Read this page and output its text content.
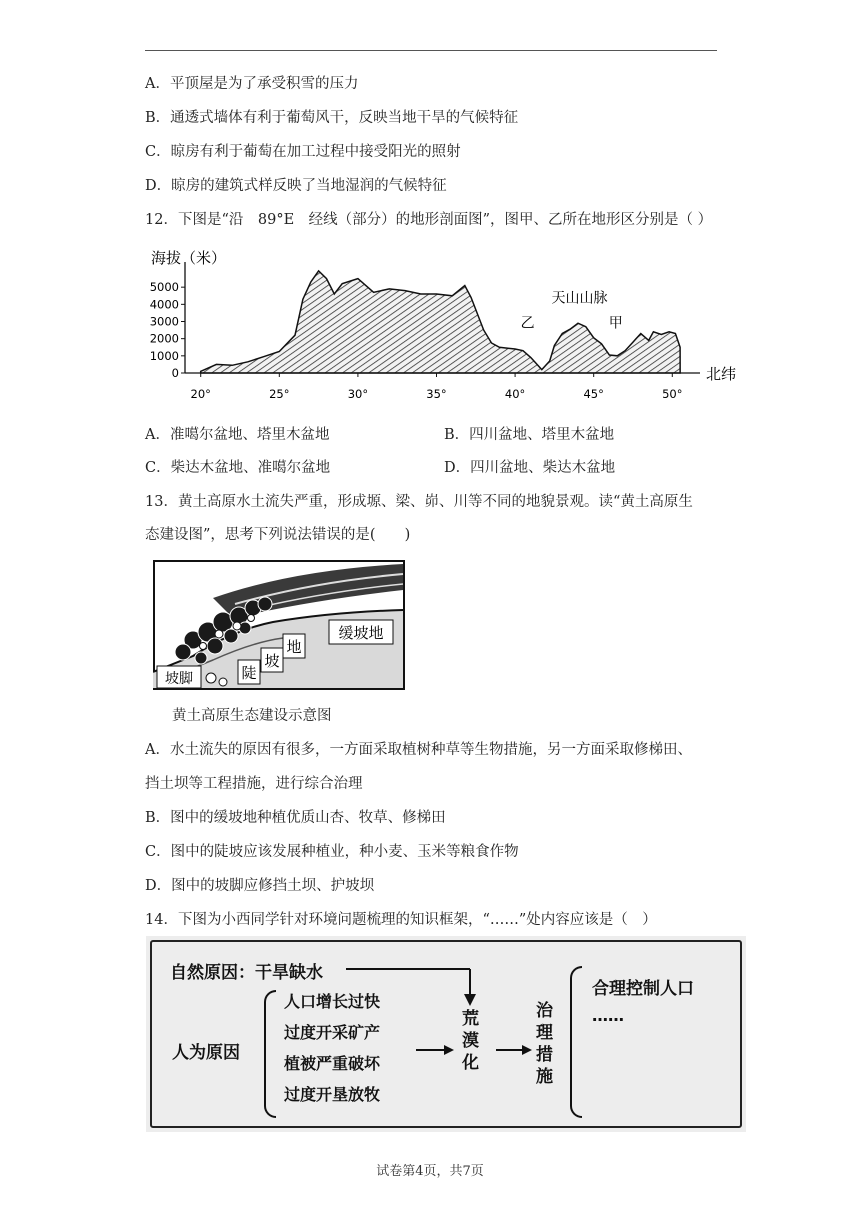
A．平顶屋是为了承受积雪的压力
B．通透式墙体有利于葡萄风干，反映当地干旱的气候特征
C．晾房有利于葡萄在加工过程中接受阳光的照射
D．晾房的建筑式样反映了当地湿润的气候特征
12．下图是“沿　89°E　经线（部分）的地形剖面图”，图甲、乙所在地形区分别是（ ）
5000
4000
3000
2000
1000
0
20°	25°	30°	35°	40°	45°	50°
海拔（米）
北纬
天山山脉
乙	甲
A．准噶尔盆地、塔里木盆地	B．四川盆地、塔里木盆地
C．柴达木盆地、准噶尔盆地	D．四川盆地、柴达木盆地
13．黄土高原水土流失严重，形成塬、梁、峁、川等不同的地貌景观。读“黄土高原生
态建设图”，思考下列说法错误的是(　　)
缓坡地
陡
坡
地
坡脚
黄土高原生态建设示意图
A．水土流失的原因有很多，一方面采取植树种草等生物措施，另一方面采取修梯田、
挡土坝等工程措施，进行综合治理
B．图中的缓坡地种植优质山杏、牧草、修梯田
C．图中的陡坡应该发展种植业，种小麦、玉米等粮食作物
D．图中的坡脚应修挡土坝、护坡坝
14．下图为小西同学针对环境问题梳理的知识框架，“……”处内容应该是（　）
自然原因：干旱缺水
人为原因
人口增长过快
过度开采矿产
植被严重破坏
过度开垦放牧
荒
漠
化
治
理
措
施
合理控制人口
……
试卷第4页，共7页
